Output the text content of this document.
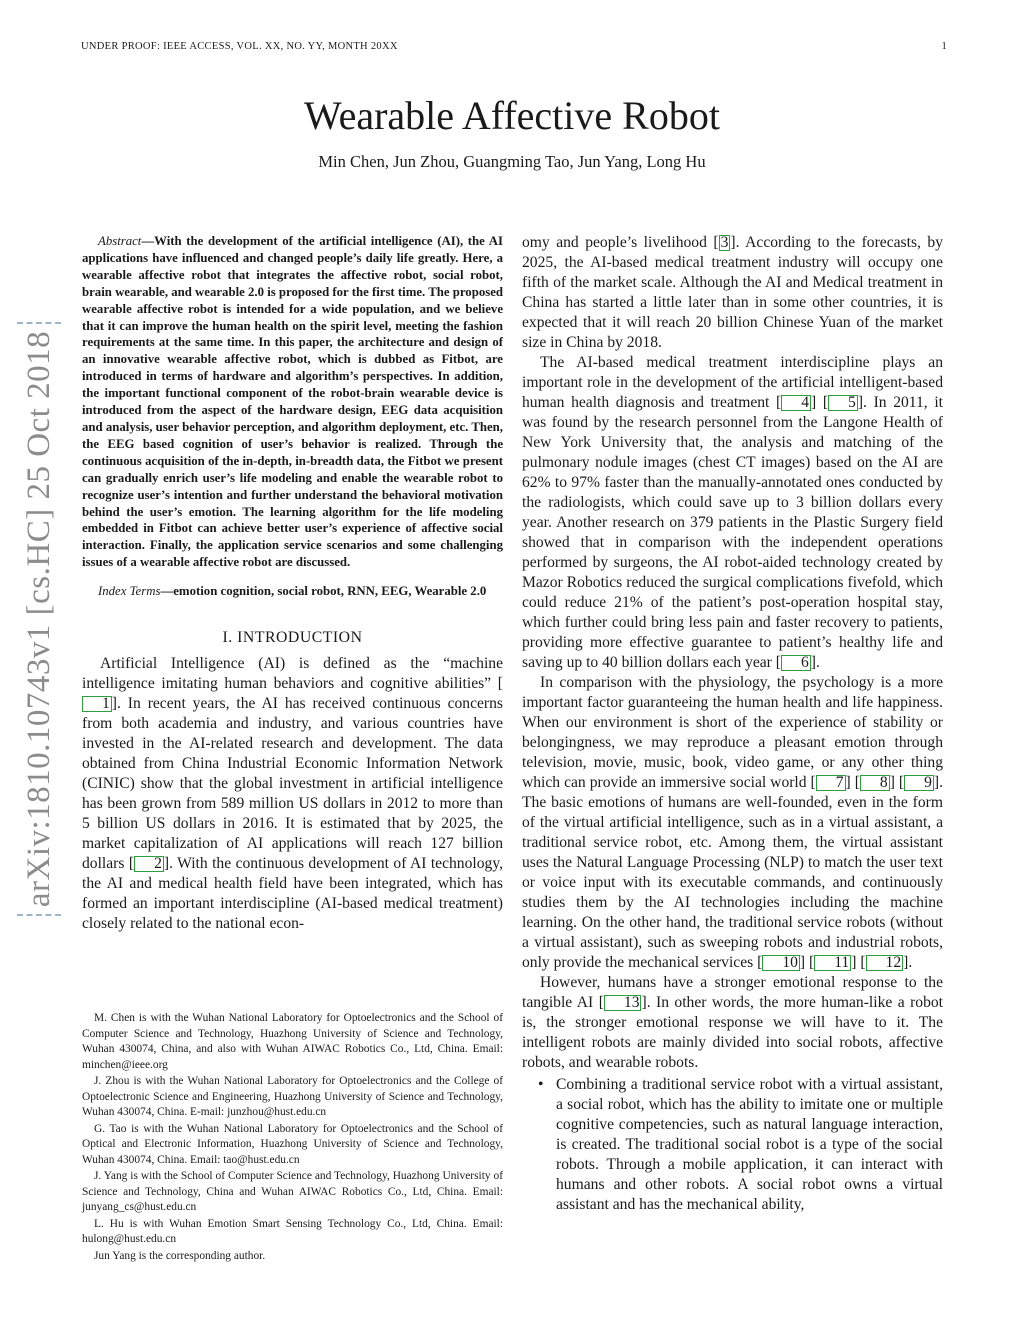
UNDER PROOF: IEEE ACCESS, VOL. XX, NO. YY, MONTH 20XX	1
arXiv:1810.10743v1 [cs.HC] 25 Oct 2018
Wearable Affective Robot
Min Chen, Jun Zhou, Guangming Tao, Jun Yang, Long Hu

Abstract—With the development of the artificial intelligence (AI), the AI applications have influenced and changed people’s daily life greatly. Here, a wearable affective robot that integrates the affective robot, social robot, brain wearable, and wearable 2.0 is proposed for the first time. The proposed wearable affective robot is intended for a wide population, and we believe that it can improve the human health on the spirit level, meeting the fashion requirements at the same time. In this paper, the architecture and design of an innovative wearable affective robot, which is dubbed as Fitbot, are introduced in terms of hardware and algorithm’s perspectives. In addition, the important functional component of the robot-brain wearable device is introduced from the aspect of the hardware design, EEG data acquisition and analysis, user behavior perception, and algorithm deployment, etc. Then, the EEG based cognition of user’s behavior is realized. Through the continuous acquisition of the in-depth, in-breadth data, the Fitbot we present can gradually enrich user’s life modeling and enable the wearable robot to recognize user’s intention and further understand the behavioral motivation behind the user’s emotion. The learning algorithm for the life modeling embedded in Fitbot can achieve better user’s experience of affective social interaction. Finally, the application service scenarios and some challenging issues of a wearable affective robot are discussed.

Index Terms—emotion cognition, social robot, RNN, EEG, Wearable 2.0

I. INTRODUCTION

Artificial Intelligence (AI) is defined as the “machine intelligence imitating human behaviors and cognitive abilities” [1 ]. In recent years, the AI has received continuous concerns from both academia and industry, and various countries have invested in the AI-related research and development. The data obtained from China Industrial Economic Information Network (CINIC) show that the global investment in artificial intelligence has been grown from 589 million US dollars in 2012 to more than 5 billion US dollars in 2016. It is estimated that by 2025, the market capitalization of AI applications will reach 127 billion dollars [ 2 ]. With the continuous development of AI technology, the AI and medical health field have been integrated, which has formed an important interdiscipline (AI-based medical treatment) closely related to the national econ-

M. Chen is with the Wuhan National Laboratory for Optoelectronics and the School of Computer Science and Technology, Huazhong University of Science and Technology, Wuhan 430074, China, and also with Wuhan AIWAC Robotics Co., Ltd, China. Email: minchen@ieee.org

J. Zhou is with the Wuhan National Laboratory for Optoelectronics and the College of Optoelectronic Science and Engineering, Huazhong University of Science and Technology, Wuhan 430074, China. E-mail: junzhou@hust.edu.cn

G. Tao is with the Wuhan National Laboratory for Optoelectronics and the School of Optical and Electronic Information, Huazhong University of Science and Technology, Wuhan 430074, China. Email: tao@hust.edu.cn

J. Yang is with the School of Computer Science and Technology, Huazhong University of Science and Technology, China and Wuhan AIWAC Robotics Co., Ltd, China. Email: junyang_cs@hust.edu.cn

L. Hu is with Wuhan Emotion Smart Sensing Technology Co., Ltd, China. Email: hulong@hust.edu.cn

Jun Yang is the corresponding author.

omy and people’s livelihood [ 3 ]. According to the forecasts, by 2025, the AI-based medical treatment industry will occupy one fifth of the market scale. Although the AI and Medical treatment in China has started a little later than in some other countries, it is expected that it will reach 20 billion Chinese Yuan of the market size in China by 2018.

The AI-based medical treatment interdiscipline plays an important role in the development of the artificial intelligent-based human health diagnosis and treatment [ 4 ] [ 5 ]. In 2011, it was found by the research personnel from the Langone Health of New York University that, the analysis and matching of the pulmonary nodule images (chest CT images) based on the AI are 62% to 97% faster than the manually-annotated ones conducted by the radiologists, which could save up to 3 billion dollars every year. Another research on 379 patients in the Plastic Surgery field showed that in comparison with the independent operations performed by surgeons, the AI robot-aided technology created by Mazor Robotics reduced the surgical complications fivefold, which could reduce 21% of the patient’s post-operation hospital stay, which further could bring less pain and faster recovery to patients, providing more effective guarantee to patient’s healthy life and saving up to 40 billion dollars each year [ 6 ].

In comparison with the physiology, the psychology is a more important factor guaranteeing the human health and life happiness. When our environment is short of the experience of stability or belongingness, we may reproduce a pleasant emotion through television, movie, music, book, video game, or any other thing which can provide an immersive social world [ 7 ] [ 8 ] [ 9 ]. The basic emotions of humans are well-founded, even in the form of the virtual artificial intelligence, such as in a virtual assistant, a traditional service robot, etc. Among them, the virtual assistant uses the Natural Language Processing (NLP) to match the user text or voice input with its executable commands, and continuously studies them by the AI technologies including the machine learning. On the other hand, the traditional service robots (without a virtual assistant), such as sweeping robots and industrial robots, only provide the mechanical services [ 10 ] [ 11 ] [ 12 ].

However, humans have a stronger emotional response to the tangible AI [ 13 ]. In other words, the more human-like a robot is, the stronger emotional response we will have to it. The intelligent robots are mainly divided into social robots, affective robots, and wearable robots.

• Combining a traditional service robot with a virtual assistant, a social robot, which has the ability to imitate one or multiple cognitive competencies, such as natural language interaction, is created. The traditional social robot is a type of the social robots. Through a mobile application, it can interact with humans and other robots. A social robot owns a virtual assistant and has the mechanical ability,
